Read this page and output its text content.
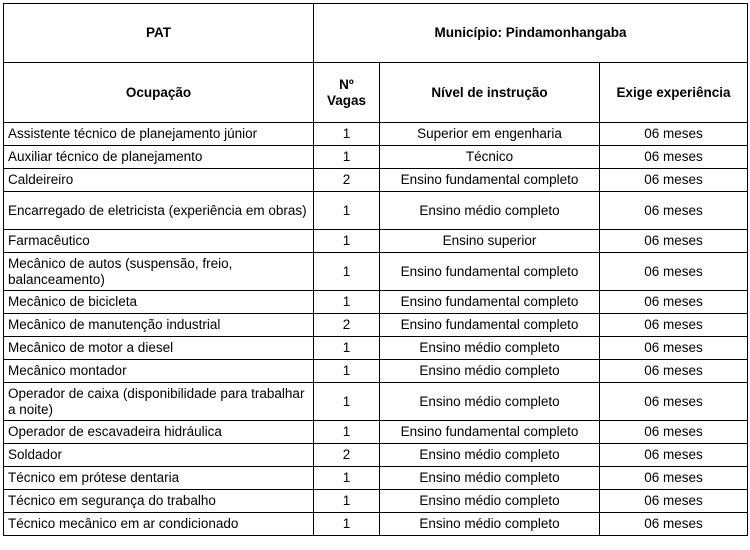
PAT	Município: Pindamonhangaba		
Ocupação	Nº Vagas	Nível de instrução	Exige experiência
Assistente técnico de planejamento júnior	1	Superior em engenharia	06 meses
Auxiliar técnico de planejamento	1	Técnico	06 meses
Caldeireiro	2	Ensino fundamental completo	06 meses
Encarregado de eletricista (experiência em obras)	1	Ensino médio completo	06 meses
Farmacêutico	1	Ensino superior	06 meses
Mecânico de autos (suspensão, freio, balanceamento)	1	Ensino fundamental completo	06 meses
Mecânico de bicicleta	1	Ensino fundamental completo	06 meses
Mecânico de manutenção industrial	2	Ensino fundamental completo	06 meses
Mecânico de motor a diesel	1	Ensino médio completo	06 meses
Mecânico montador	1	Ensino médio completo	06 meses
Operador de caixa (disponibilidade para trabalhar a noite)	1	Ensino médio completo	06 meses
Operador de escavadeira hidráulica	1	Ensino fundamental completo	06 meses
Soldador	2	Ensino médio completo	06 meses
Técnico em prótese dentaria	1	Ensino médio completo	06 meses
Técnico em segurança do trabalho	1	Ensino médio completo	06 meses
Técnico mecânico em ar condicionado	1	Ensino médio completo	06 meses
